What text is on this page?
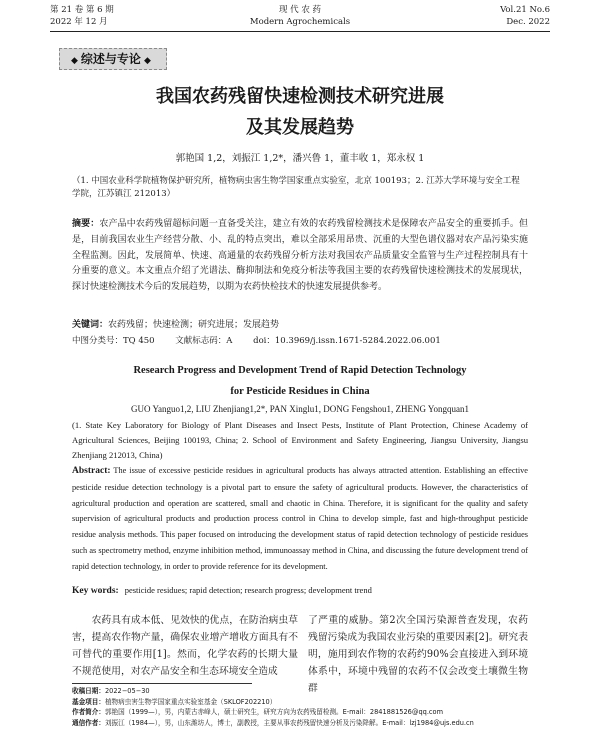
第 21 卷 第 6 期
2022 年 12 月
现 代 农 药
Modern Agrochemicals
Vol.21 No.6
Dec. 2022
◆ 综述与专论 ◆
我国农药残留快速检测技术研究进展
及其发展趋势
郭艳国 1,2，刘振江 1,2*，潘兴鲁 1，董丰收 1，郑永权 1
（1. 中国农业科学院植物保护研究所，植物病虫害生物学国家重点实验室，北京 100193；2. 江苏大学环境与安全工程学院，江苏镇江 212013）
摘要：农产品中农药残留超标问题一直备受关注，建立有效的农药残留检测技术是保障农产品安全的重要抓手。但是，目前我国农业生产经营分散、小、乱的特点突出，难以全部采用昂贵、沉重的大型色谱仪器对农产品污染实施全程监测。因此，发展简单、快速、高通量的农药残留分析方法对我国农产品质量安全监管与生产过程控制具有十分重要的意义。本文重点介绍了光谱法、酶抑制法和免疫分析法等我国主要的农药残留快速检测技术的发展现状，探讨快速检测技术今后的发展趋势，以期为农药快检技术的快速发展提供参考。
关键词：农药残留；快速检测；研究进展；发展趋势
中图分类号：TQ 450 文献标志码：A doi：10.3969/j.issn.1671-5284.2022.06.001
Research Progress and Development Trend of Rapid Detection Technology
for Pesticide Residues in China
GUO Yanguo1,2, LIU Zhenjiang1,2*, PAN Xinglu1, DONG Fengshou1, ZHENG Yongquan1
(1. State Key Laboratory for Biology of Plant Diseases and Insect Pests, Institute of Plant Protection, Chinese Academy of Agricultural Sciences, Beijing 100193, China; 2. School of Environment and Safety Engineering, Jiangsu University, Jiangsu Zhenjiang 212013, China)
Abstract: The issue of excessive pesticide residues in agricultural products has always attracted attention. Establishing an effective pesticide residue detection technology is a pivotal part to ensure the safety of agricultural products. However, the characteristics of agricultural production and operation are scattered, small and chaotic in China. Therefore, it is significant for the quality and safety supervision of agricultural products and production process control in China to develop simple, fast and high-throughput pesticide residue analysis methods. This paper focused on introducing the development status of rapid detection technology of pesticide residues such as spectrometry method, enzyme inhibition method, immunoassay method in China, and discussing the future development trend of rapid detection technology, in order to provide reference for its development.
Key words: pesticide residues; rapid detection; research progress; development trend
农药具有成本低、见效快的优点，在防治病虫草害，提高农作物产量，确保农业增产增收方面具有不可替代的重要作用[1]。然而，化学农药的长期大量不规范使用，对农产品安全和生态环境安全造成
了严重的威胁。第2次全国污染源普查发现，农药残留污染成为我国农业污染的重要因素[2]。研究表明，施用到农作物的农药约90%会直接进入到环境体系中，环境中残留的农药不仅会改变土壤微生物群
收稿日期：2022−05−30
基金项目：植物病虫害生物学国家重点实验室基金（SKLOF202210）
作者简介：郭艳国（1999—），男，内蒙古赤峰人，硕士研究生，研究方向为农药残留检测。E-mail：2841881526@qq.com
通信作者：刘振江（1984—），男，山东潍坊人，博士，副教授，主要从事农药残留快速分析及污染降解。E-mail：lzj1984@ujs.edu.cn
